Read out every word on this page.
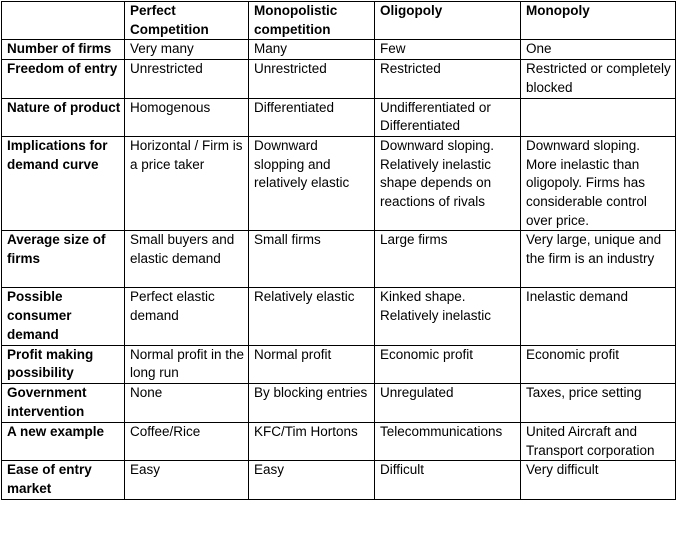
	Perfect Competition	Monopolistic competition	Oligopoly	Monopoly
Number of firms	Very many	Many	Few	One
Freedom of entry	Unrestricted	Unrestricted	Restricted	Restricted or completely blocked
Nature of product	Homogenous	Differentiated	Undifferentiated or Differentiated	
Implications for demand curve	Horizontal / Firm is a price taker	Downward slopping and relatively elastic	Downward sloping. Relatively inelastic shape depends on reactions of rivals	Downward sloping. More inelastic than oligopoly. Firms has considerable control over price.
Average size of firms	Small buyers and elastic demand	Small firms	Large firms	Very large, unique and the firm is an industry
Possible consumer demand	Perfect elastic demand	Relatively elastic	Kinked shape. Relatively inelastic	Inelastic demand
Profit making possibility	Normal profit in the long run	Normal profit	Economic profit	Economic profit
Government intervention	None	By blocking entries	Unregulated	Taxes, price setting
A new example	Coffee/Rice	KFC/Tim Hortons	Telecommunications	United Aircraft and Transport corporation
Ease of entry market	Easy	Easy	Difficult	Very difficult
